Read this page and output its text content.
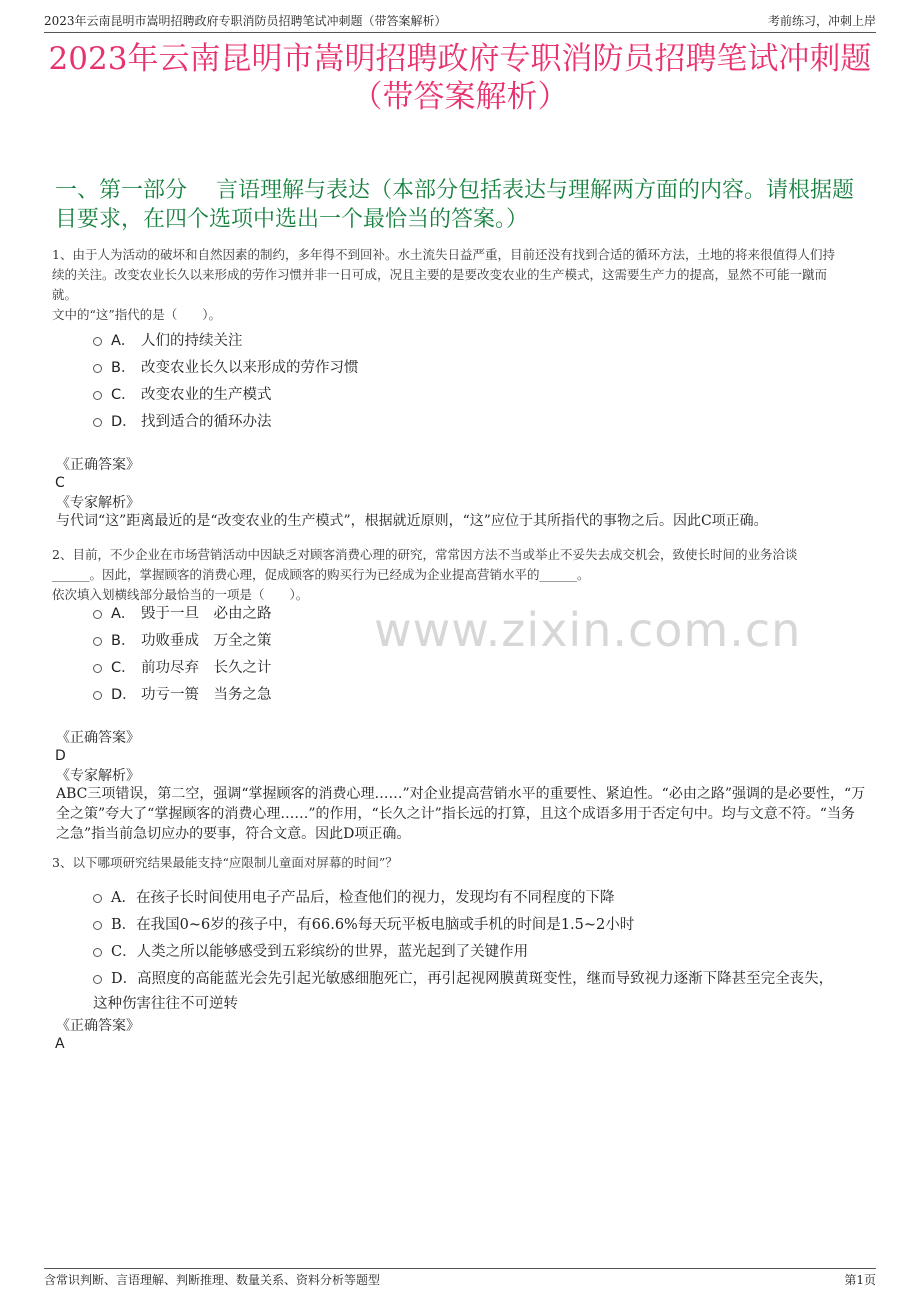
2023年云南昆明市嵩明招聘政府专职消防员招聘笔试冲刺题（带答案解析）	考前练习，冲刺上岸
2023年云南昆明市嵩明招聘政府专职消防员招聘笔试冲刺题
（带答案解析）
一、第一部分　 言语理解与表达（本部分包括表达与理解两方面的内容。请根据题
目要求，在四个选项中选出一个最恰当的答案。）

1、由于人为活动的破坏和自然因素的制约，多年得不到回补。水土流失日益严重，目前还没有找到合适的循环方法，土地的将来很值得人们持

续的关注。改变农业长久以来形成的劳作习惯并非一日可成，况且主要的是要改变农业的生产模式，这需要生产力的提高，显然不可能一蹴而

就。

文中的“这”指代的是（　　）。

A． 人们的持续关注
B． 改变农业长久以来形成的劳作习惯
C． 改变农业的生产模式
D． 找到适合的循环办法
《正确答案》
C
《专家解析》
与代词“这”距离最近的是“改变农业的生产模式”，根据就近原则，“这”应位于其所指代的事物之后。因此C项正确。

2、目前，不少企业在市场营销活动中因缺乏对顾客消费心理的研究，常常因方法不当或举止不妥失去成交机会，致使长时间的业务洽谈

______。因此，掌握顾客的消费心理，促成顾客的购买行为已经成为企业提高营销水平的______。

依次填入划横线部分最恰当的一项是（　　）。

A． 毁于一旦　必由之路
B． 功败垂成　万全之策
C． 前功尽弃　长久之计
D． 功亏一篑　当务之急
www.zixin.com.cn
《正确答案》
D
《专家解析》
ABC三项错误，第二空，强调“掌握顾客的消费心理……”对企业提高营销水平的重要性、紧迫性。“必由之路”强调的是必要性，“万全之策”夸大了“掌握顾客的消费心理……”的作用，“长久之计”指长远的打算，且这个成语多用于否定句中。均与文意不符。“当务之急”指当前急切应办的要事，符合文意。因此D项正确。
3、以下哪项研究结果最能支持“应限制儿童面对屏幕的时间”？
A．在孩子长时间使用电子产品后，检查他们的视力，发现均有不同程度的下降
B．在我国0~6岁的孩子中，有66.6%每天玩平板电脑或手机的时间是1.5~2小时
C．人类之所以能够感受到五彩缤纷的世界，蓝光起到了关键作用
D．高照度的高能蓝光会先引起光敏感细胞死亡，再引起视网膜黄斑变性，继而导致视力逐渐下降甚至完全丧失，
这种伤害往往不可逆转
《正确答案》
A
含常识判断、言语理解、判断推理、数量关系、资料分析等题型	第1页
